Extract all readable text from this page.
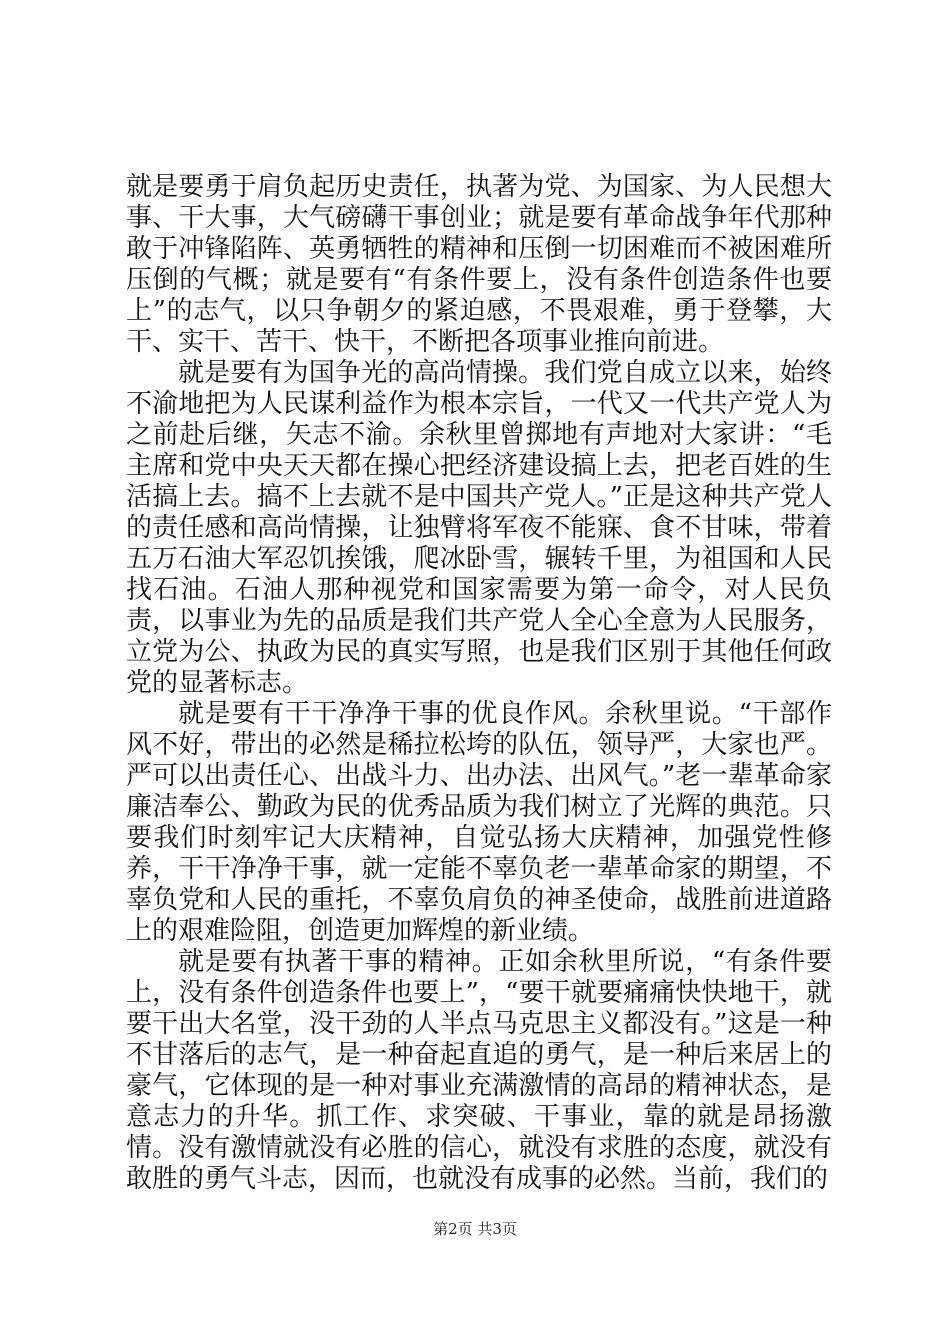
就是要勇于肩负起历史责任，执著为党、为国家、为人民想大事、干大事，大气磅礴干事创业；就是要有革命战争年代那种敢于冲锋陷阵、英勇牺牲的精神和压倒一切困难而不被困难所压倒的气概；就是要有“有条件要上，没有条件创造条件也要上”的志气，以只争朝夕的紧迫感，不畏艰难，勇于登攀，大干、实干、苦干、快干，不断把各项事业推向前进。

就是要有为国争光的高尚情操。我们党自成立以来，始终不渝地把为人民谋利益作为根本宗旨，一代又一代共产党人为之前赴后继，矢志不渝。余秋里曾掷地有声地对大家讲：“毛主席和党中央天天都在操心把经济建设搞上去，把老百姓的生活搞上去。搞不上去就不是中国共产党人。”正是这种共产党人的责任感和高尚情操，让独臂将军夜不能寐、食不甘味，带着五万石油大军忍饥挨饿，爬冰卧雪，辗转千里，为祖国和人民找石油。石油人那种视党和国家需要为第一命令，对人民负责，以事业为先的品质是我们共产党人全心全意为人民服务，立党为公、执政为民的真实写照，也是我们区别于其他任何政党的显著标志。

就是要有干干净净干事的优良作风。余秋里说。“干部作风不好，带出的必然是稀拉松垮的队伍，领导严，大家也严。严可以出责任心、出战斗力、出办法、出风气。”老一辈革命家廉洁奉公、勤政为民的优秀品质为我们树立了光辉的典范。只要我们时刻牢记大庆精神，自觉弘扬大庆精神，加强党性修养，干干净净干事，就一定能不辜负老一辈革命家的期望，不辜负党和人民的重托，不辜负肩负的神圣使命，战胜前进道路上的艰难险阻，创造更加辉煌的新业绩。

就是要有执著干事的精神。正如余秋里所说，“有条件要上，没有条件创造条件也要上”，“要干就要痛痛快快地干，就要干出大名堂，没干劲的人半点马克思主义都没有。”这是一种不甘落后的志气，是一种奋起直追的勇气，是一种后来居上的豪气，它体现的是一种对事业充满激情的高昂的精神状态，是意志力的升华。抓工作、求突破、干事业，靠的就是昂扬激情。没有激情就没有必胜的信心，就没有求胜的态度，就没有敢胜的勇气斗志，因而，也就没有成事的必然。当前，我们的

第2页 共3页
